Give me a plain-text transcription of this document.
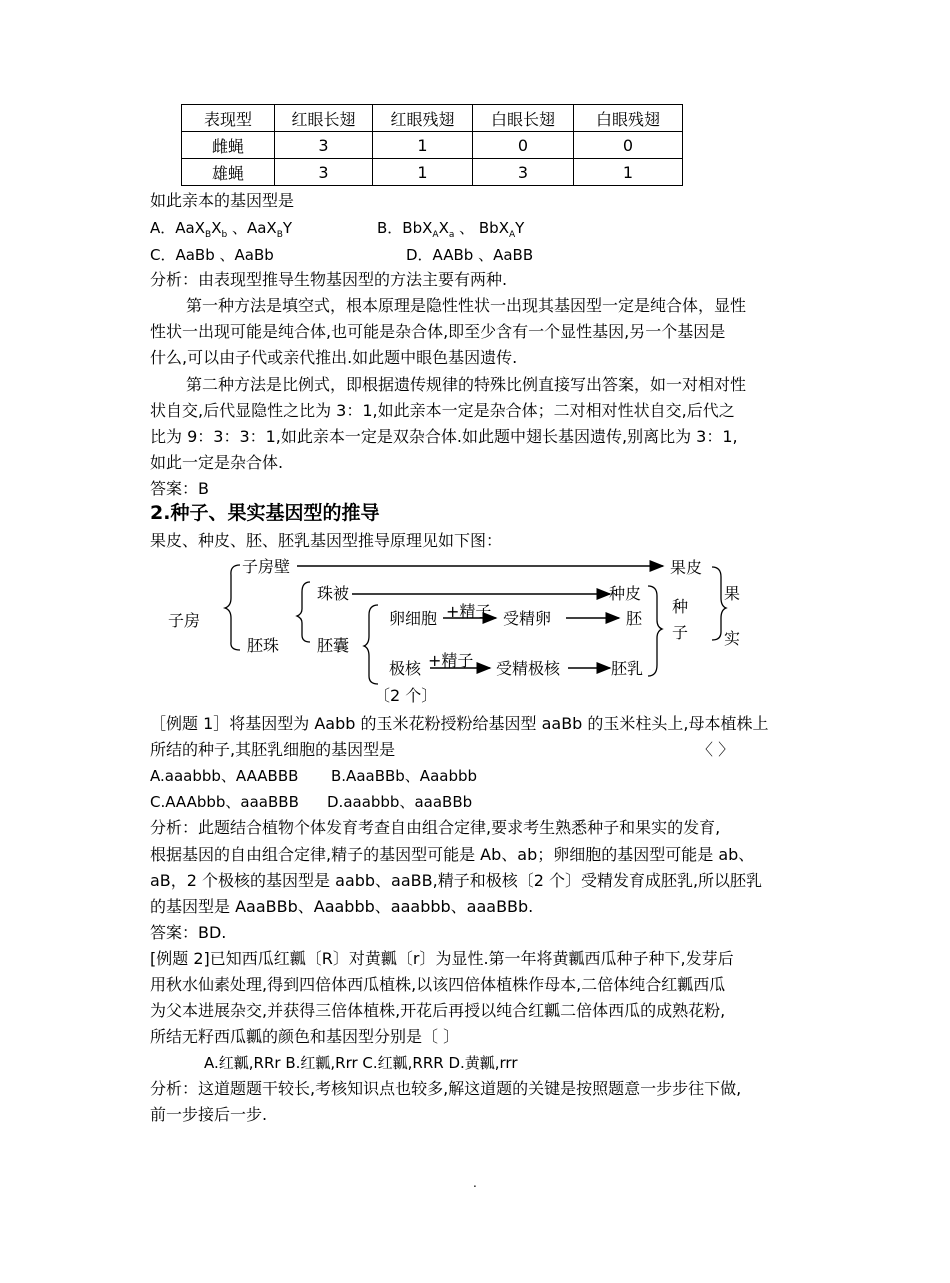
表现型	红眼长翅	红眼残翅	白眼长翅	白眼残翅
雌蝇	3	1	0	0
雄蝇	3	1	3	1
如此亲本的基因型是
A．$AaX_BX_b$ 、AaX$_B$Y	B．$BbX_AX_a$ 、 BbX$_A$Y
C．AaBb 、AaBb	D．AABb 、AaBB
分析：由表现型推导生物基因型的方法主要有两种.
第一种方法是填空式，根本原理是隐性性状一出现其基因型一定是纯合体，显性
性状一出现可能是纯合体,也可能是杂合体,即至少含有一个显性基因,另一个基因是
什么,可以由子代或亲代推出.如此题中眼色基因遗传.
第二种方法是比例式，即根据遗传规律的特殊比例直接写出答案，如一对相对性
状自交,后代显隐性之比为 3：1,如此亲本一定是杂合体；二对相对性状自交,后代之
比为 9：3：3：1,如此亲本一定是双杂合体.如此题中翅长基因遗传,别离比为 3：1,
如此一定是杂合体.
答案：B
2.种子、果实基因型的推导
果皮、种皮、胚、胚乳基因型推导原理见如下图：
子房
子房壁	果皮
胚珠
珠被	种皮
胚囊
卵细胞 +精子 受精卵	胚
极核 +精子 受精极核	胚乳
〔2 个〕
种
子
果
实
［例题 1］将基因型为 Aabb 的玉米花粉授粉给基因型 aaBb 的玉米柱头上,母本植株上
所结的种子,其胚乳细胞的基因型是	〈 〉
A.aaabbb、AAABBB B.AaaBBb、Aaabbb
C.AAAbbb、aaaBBB D.aaabbb、aaaBBb
分析：此题结合植物个体发育考查自由组合定律,要求考生熟悉种子和果实的发育,
根据基因的自由组合定律,精子的基因型可能是 Ab、ab；卵细胞的基因型可能是 ab、
aB，2 个极核的基因型是 aabb、aaBB,精子和极核〔2 个〕受精发育成胚乳,所以胚乳
的基因型是 AaaBBb、Aaabbb、aaabbb、aaaBBb.
答案：BD.
[例题 2]已知西瓜红瓤〔R〕对黄瓤〔r〕为显性.第一年将黄瓤西瓜种子种下,发芽后
用秋水仙素处理,得到四倍体西瓜植株,以该四倍体植株作母本,二倍体纯合红瓤西瓜
为父本进展杂交,并获得三倍体植株,开花后再授以纯合红瓤二倍体西瓜的成熟花粉,
所结无籽西瓜瓤的颜色和基因型分别是〔 〕
A.红瓤,RRr B.红瓤,Rrr C.红瓤,RRR D.黄瓤,rrr
分析：这道题题干较长,考核知识点也较多,解这道题的关键是按照题意一步步往下做,
前一步接后一步.
.
